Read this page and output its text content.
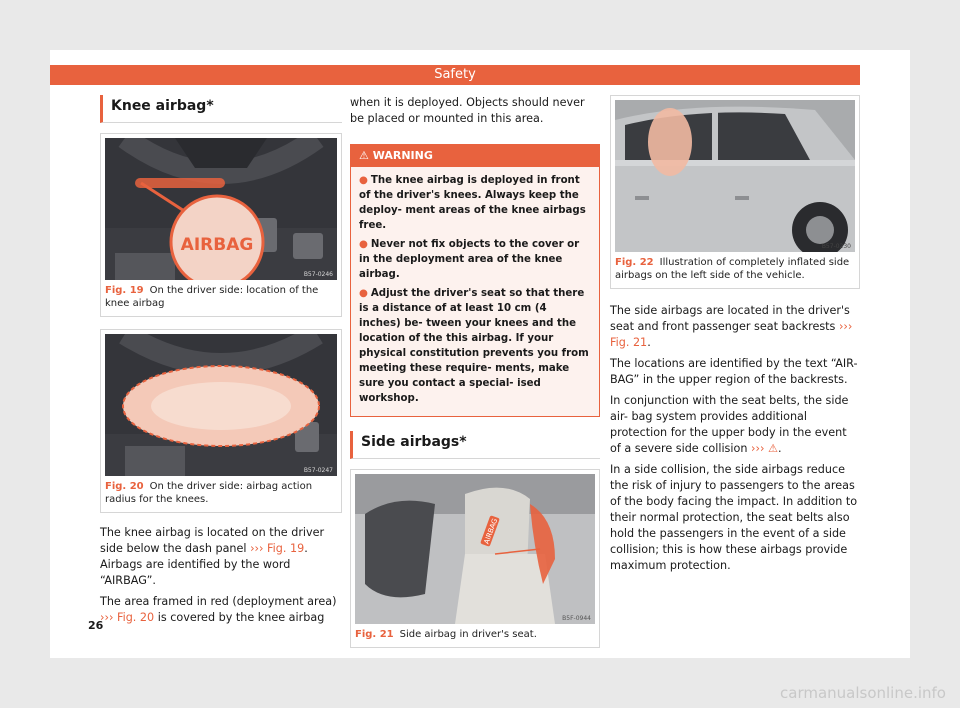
Safety
Knee airbag*
AIRBAG
B57-0246
Fig. 19 On the driver side: location of the knee airbag
B57-0247
Fig. 20 On the driver side: airbag action radius for the knees.

The knee airbag is located on the driver side below the dash panel ››› Fig. 19. Airbags are identified by the word “AIRBAG”.

The area framed in red (deployment area) ››› Fig. 20 is covered by the knee airbag

when it is deployed. Objects should never be placed or mounted in this area.

⚠ WARNING
● The knee airbag is deployed in front of the driver's knees. Always keep the deploy- ment areas of the knee airbags free.
● Never not fix objects to the cover or in the deployment area of the knee airbag.
● Adjust the driver's seat so that there is a distance of at least 10 cm (4 inches) be- tween your knees and the location of the this airbag. If your physical constitution prevents you from meeting these require- ments, make sure you contact a special- ised workshop.
Side airbags*
AIRBAG
B5F-0944
Fig. 21 Side airbag in driver's seat.
B57-0230
Fig. 22 Illustration of completely inflated side airbags on the left side of the vehicle.

The side airbags are located in the driver's seat and front passenger seat backrests ››› Fig. 21.

The locations are identified by the text “AIR- BAG” in the upper region of the backrests.

In conjunction with the seat belts, the side air- bag system provides additional protection for the upper body in the event of a severe side collision ››› ⚠.

In a side collision, the side airbags reduce the risk of injury to passengers to the areas of the body facing the impact. In addition to their normal protection, the seat belts also hold the passengers in the event of a side collision; this is how these airbags provide maximum protection.

26
carmanualsonline.info
